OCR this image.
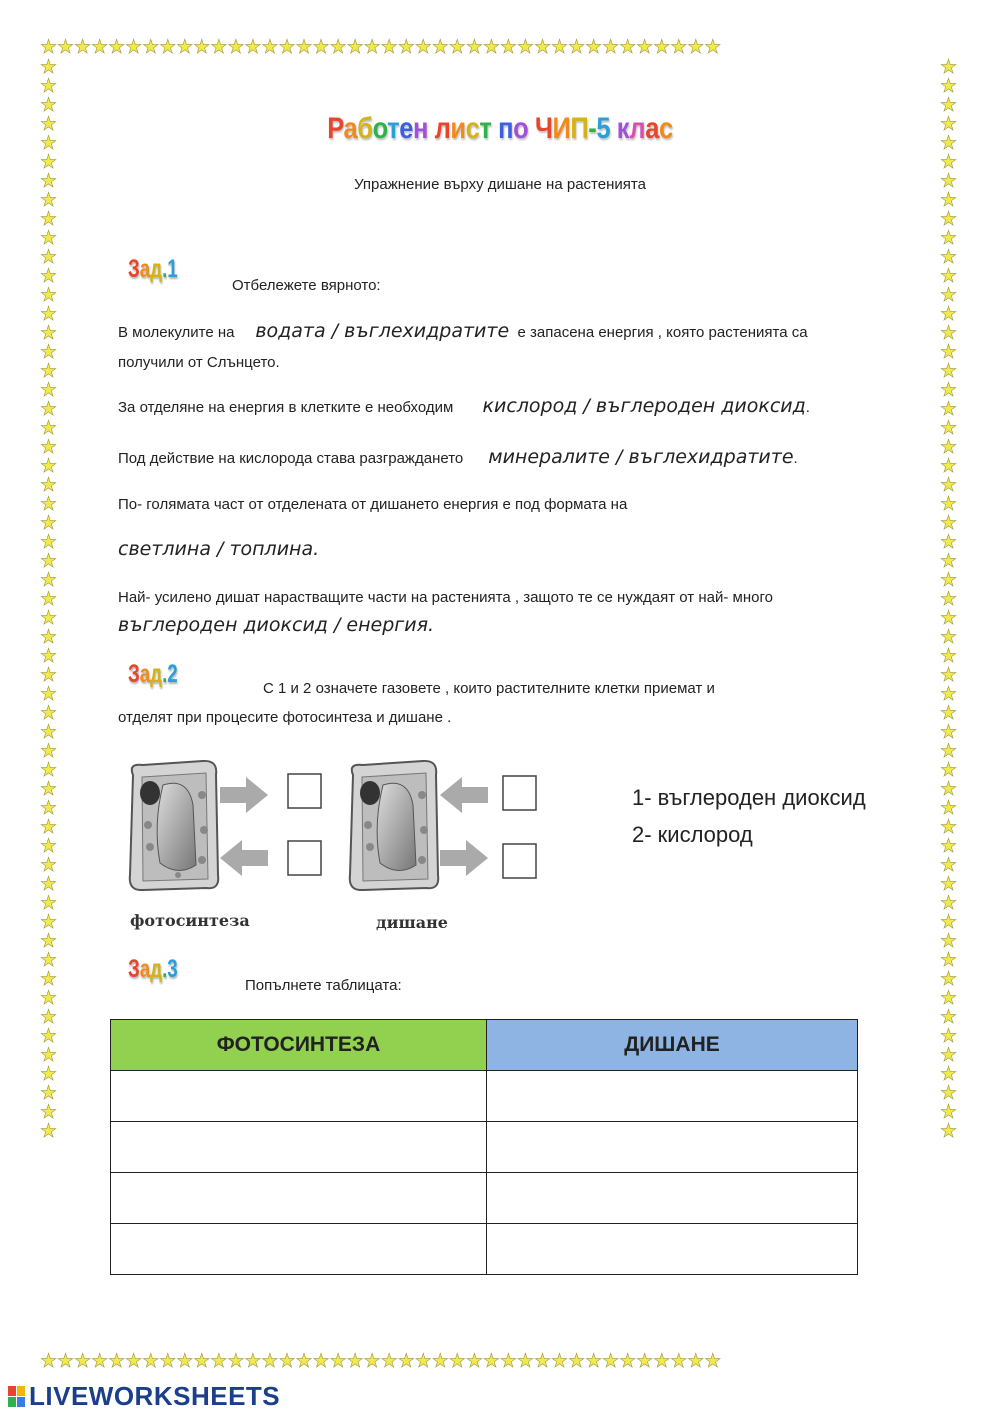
★★★★★★★★★★★★★★★★★★★★★★★★★★★★★★★★★★★★★★★★
★★★★★★★★★★★★★★★★★★★★★★★★★★★★★★★★★★★★★★★★
★
★
★
★
★
★
★
★
★
★
★
★
★
★
★
★
★
★
★
★
★
★
★
★
★
★
★
★
★
★
★
★
★
★
★
★
★
★
★
★
★
★
★
★
★
★
★
★
★
★
★
★
★
★
★
★
★
★
★
★
★
★
★
★
★
★
★
★
★
★
★
★
★
★
★
★
★
★
★
★
★
★
★
★
★
★
★
★
★
★
★
★
★
★
★
★
★
★
★
★
★
★
★
★
★
★
★
★
★
★
★
★
★
★
Работен лист по ЧИП-5 клас
Упражнение върху дишане на растенията
Зад.1
Отбележете вярното:
В молекулите на водата / въглехидратите е запасена енергия , която растенията са
получили от Слънцето.
За отделяне на енергия в клетките е необходим кислород / въглероден диоксид.
Под действие на кислорода става разграждането минералите / въглехидратите.
По- голямата част от отделената от дишането енергия е под формата на
светлина / топлина.
Най- усилено дишат нарастващите части на растенията , защото те се нуждаят от най- много
въглероден диоксид / енергия.
Зад.2
С 1 и 2 означете газовете , които растителните клетки приемат и
отделят при процесите фотосинтеза и дишане .
фотосинтеза	дишане
1- въглероден диоксид
2- кислород
Зад.3
Попълнете таблицата:
ФОТОСИНТЕЗА	ДИШАНЕ

LIVEWORKSHEETS
